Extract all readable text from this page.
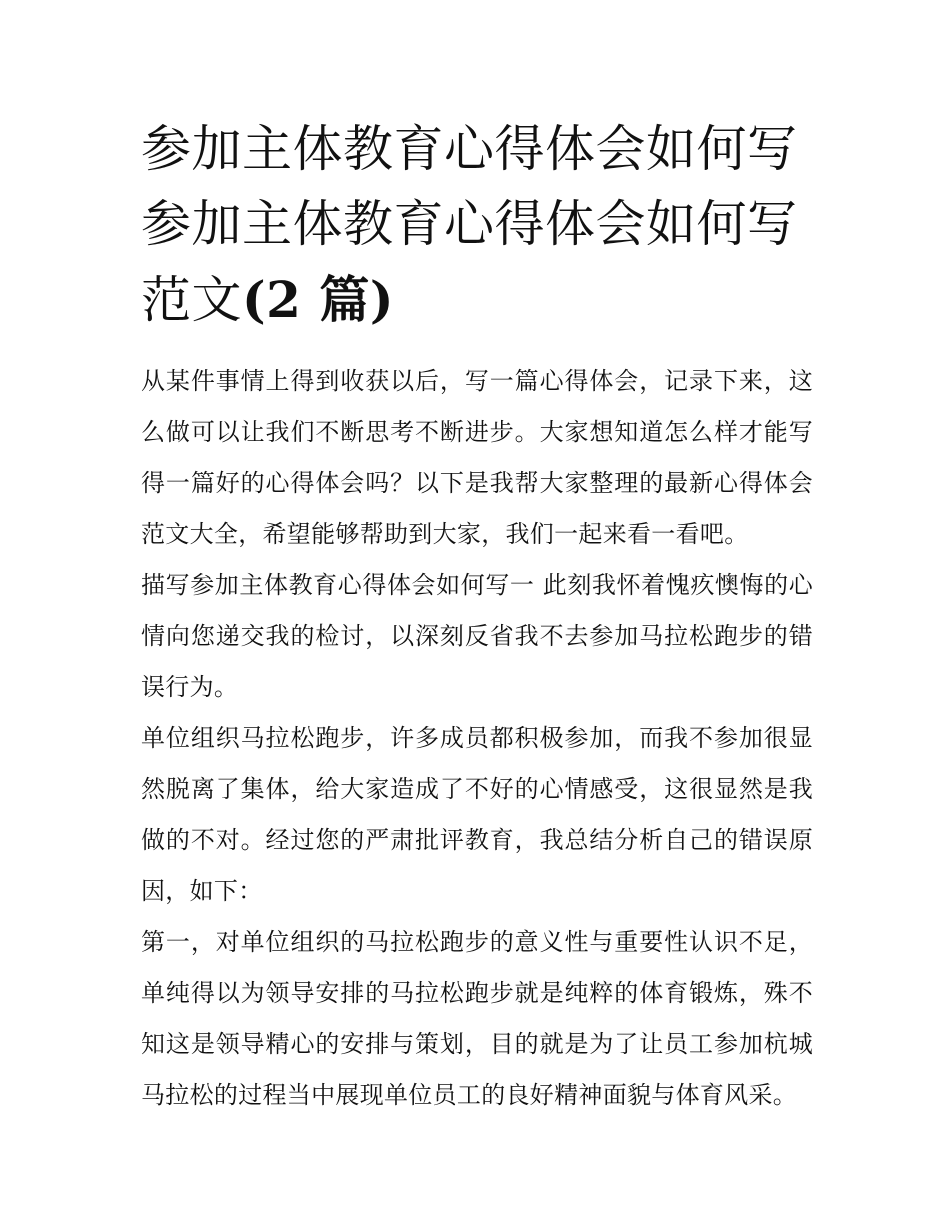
参加主体教育心得体会如何写
参加主体教育心得体会如何写
范文(2 篇)

从某件事情上得到收获以后，写一篇心得体会，记录下来，这么做可以让我们不断思考不断进步。大家想知道怎么样才能写得一篇好的心得体会吗？以下是我帮大家整理的最新心得体会范文大全，希望能够帮助到大家，我们一起来看一看吧。

描写参加主体教育心得体会如何写一 此刻我怀着愧疚懊悔的心情向您递交我的检讨，以深刻反省我不去参加马拉松跑步的错误行为。

单位组织马拉松跑步，许多成员都积极参加，而我不参加很显然脱离了集体，给大家造成了不好的心情感受，这很显然是我做的不对。经过您的严肃批评教育，我总结分析自己的错误原因，如下：

第一，对单位组织的马拉松跑步的意义性与重要性认识不足，单纯得以为领导安排的马拉松跑步就是纯粹的体育锻炼，殊不知这是领导精心的安排与策划，目的就是为了让员工参加杭城马拉松的过程当中展现单位员工的良好精神面貌与体育风采。
